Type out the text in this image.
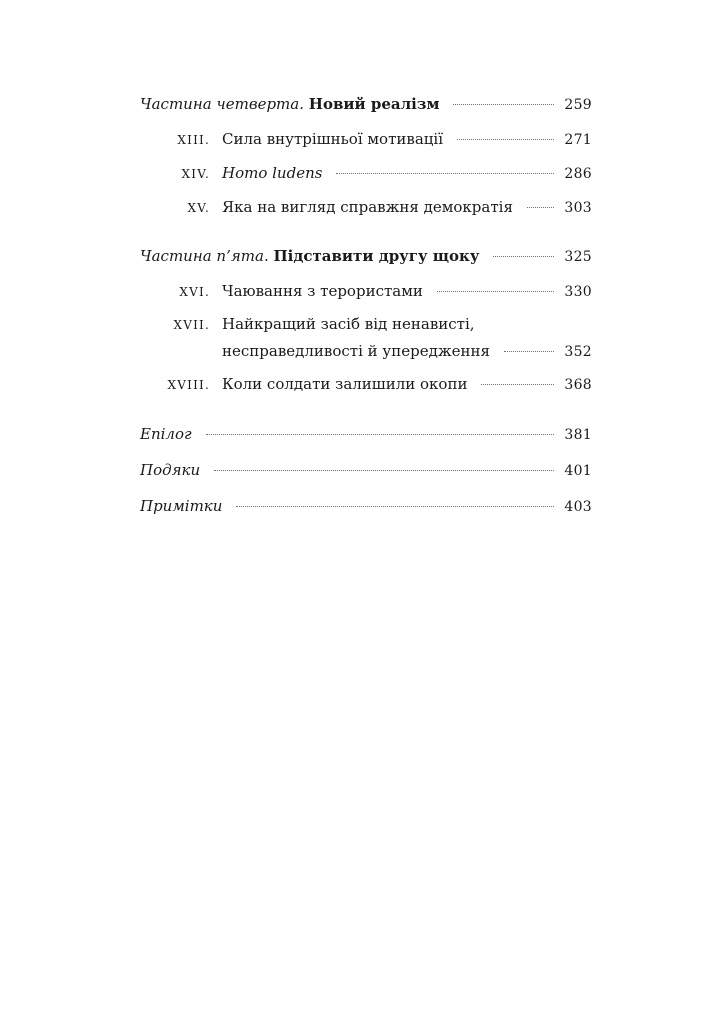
Частина четверта. Новий реалізм	259
XIII. Сила внутрішньої мотивації	271
XIV. Homo ludens	286
XV. Яка на вигляд справжня демократія	303
Частина п’ята. Підставити другу щоку	325
XVI. Чаювання з терористами	330
XVII. Найкращий засіб від ненависті,
несправедливості й упередження	352
XVIII. Коли солдати залишили окопи	368
Епілог	381
Подяки	401
Примітки	403
